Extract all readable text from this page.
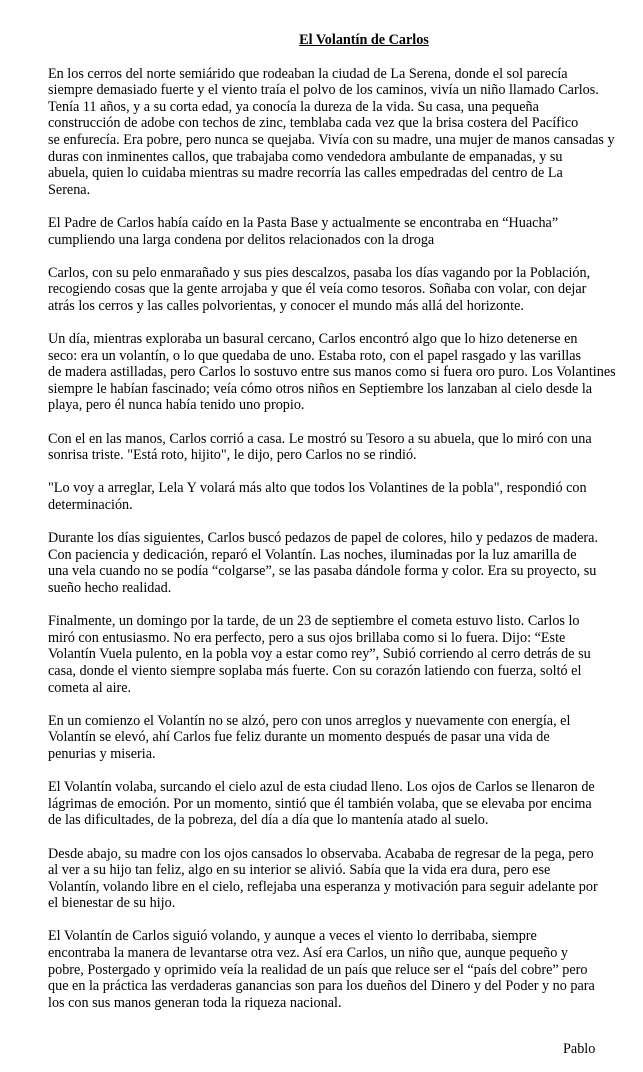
El Volantín de Carlos
En los cerros del norte semiárido que rodeaban la ciudad de La Serena, donde el sol parecía
siempre demasiado fuerte y el viento traía el polvo de los caminos, vivía un niño llamado Carlos.
Tenía 11 años, y a su corta edad, ya conocía la dureza de la vida. Su casa, una pequeña
construcción de adobe con techos de zinc, temblaba cada vez que la brisa costera del Pacífico
se enfurecía. Era pobre, pero nunca se quejaba. Vivía con su madre, una mujer de manos cansadas y
duras con inminentes callos, que trabajaba como vendedora ambulante de empanadas, y su
abuela, quien lo cuidaba mientras su madre recorría las calles empedradas del centro de La
Serena.
El Padre de Carlos había caído en la Pasta Base y actualmente se encontraba en “Huacha”
cumpliendo una larga condena por delitos relacionados con la droga
Carlos, con su pelo enmarañado y sus pies descalzos, pasaba los días vagando por la Población,
recogiendo cosas que la gente arrojaba y que él veía como tesoros. Soñaba con volar, con dejar
atrás los cerros y las calles polvorientas, y conocer el mundo más allá del horizonte.
Un día, mientras exploraba un basural cercano, Carlos encontró algo que lo hizo detenerse en
seco: era un volantín, o lo que quedaba de uno. Estaba roto, con el papel rasgado y las varillas
de madera astilladas, pero Carlos lo sostuvo entre sus manos como si fuera oro puro. Los Volantines
siempre le habían fascinado; veía cómo otros niños en Septiembre los lanzaban al cielo desde la
playa, pero él nunca había tenido uno propio.
Con el en las manos, Carlos corrió a casa. Le mostró su Tesoro a su abuela, que lo miró con una
sonrisa triste. "Está roto, hijito", le dijo, pero Carlos no se rindió.
"Lo voy a arreglar, Lela Y volará más alto que todos los Volantines de la pobla", respondió con
determinación.
Durante los días siguientes, Carlos buscó pedazos de papel de colores, hilo y pedazos de madera.
Con paciencia y dedicación, reparó el Volantín. Las noches, iluminadas por la luz amarilla de
una vela cuando no se podía “colgarse”, se las pasaba dándole forma y color. Era su proyecto, su
sueño hecho realidad.
Finalmente, un domingo por la tarde, de un 23 de septiembre el cometa estuvo listo. Carlos lo
miró con entusiasmo. No era perfecto, pero a sus ojos brillaba como si lo fuera. Dijo: “Este
Volantín Vuela pulento, en la pobla voy a estar como rey”, Subió corriendo al cerro detrás de su
casa, donde el viento siempre soplaba más fuerte. Con su corazón latiendo con fuerza, soltó el
cometa al aire.
En un comienzo el Volantín no se alzó, pero con unos arreglos y nuevamente con energía, el
Volantín se elevó, ahí Carlos fue feliz durante un momento después de pasar una vida de
penurias y miseria.
El Volantín volaba, surcando el cielo azul de esta ciudad lleno. Los ojos de Carlos se llenaron de
lágrimas de emoción. Por un momento, sintió que él también volaba, que se elevaba por encima
de las dificultades, de la pobreza, del día a día que lo mantenía atado al suelo.
Desde abajo, su madre con los ojos cansados lo observaba. Acababa de regresar de la pega, pero
al ver a su hijo tan feliz, algo en su interior se alivió. Sabía que la vida era dura, pero ese
Volantín, volando libre en el cielo, reflejaba una esperanza y motivación para seguir adelante por
el bienestar de su hijo.
El Volantín de Carlos siguió volando, y aunque a veces el viento lo derribaba, siempre
encontraba la manera de levantarse otra vez. Así era Carlos, un niño que, aunque pequeño y
pobre, Postergado y oprimido veía la realidad de un país que reluce ser el “país del cobre” pero
que en la práctica las verdaderas ganancias son para los dueños del Dinero y del Poder y no para
los con sus manos generan toda la riqueza nacional.
Pablo
